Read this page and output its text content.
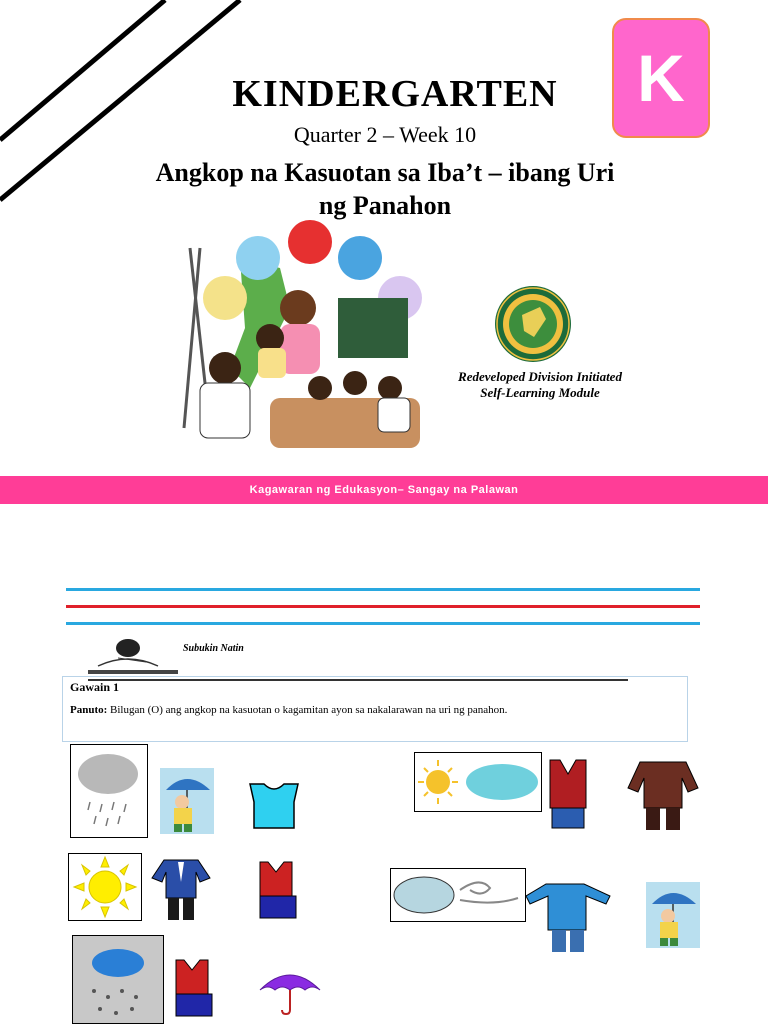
KINDERGARTEN	K
Quarter 2 – Week 10
Angkop na Kasuotan sa Iba’t – ibang Uri
ng Panahon
Redeveloped Division Initiated
Self-Learning Module
Kagawaran ng Edukasyon– Sangay na Palawan
Subukin Natin
Gawain 1
Panuto: Bilugan (O) ang angkop na kasuotan o kagamitan ayon sa nakalarawan na uri ng panahon.
